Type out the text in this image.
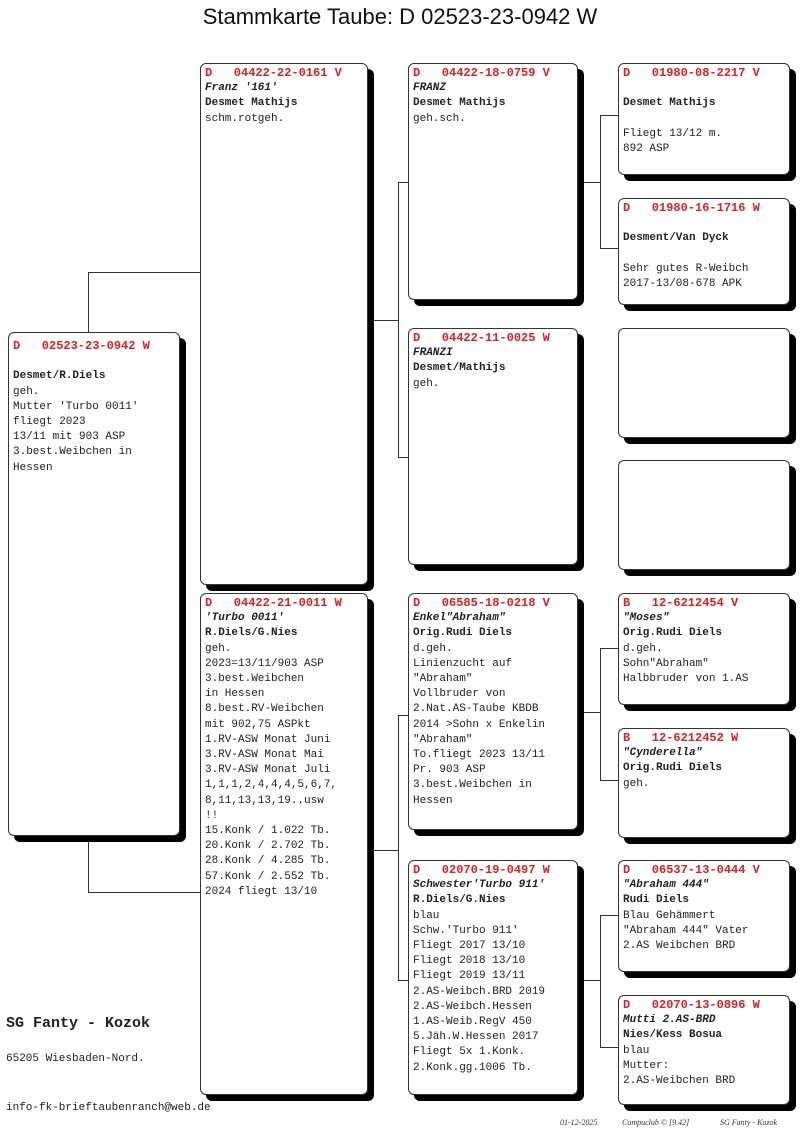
Stammkarte Taube: D 02523-23-0942 W
D   02523-23-0942 W
Desmet/R.Diels
geh.
Mutter 'Turbo 0011'
fliegt 2023
13/11 mit 903 ASP
3.best.Weibchen in
Hessen
D   04422-22-0161 V
Franz '161'
Desmet Mathijs
schm.rotgeh.
D   04422-21-0011 W
'Turbo 0011'
R.Diels/G.Nies
geh.
2023=13/11/903 ASP
3.best.Weibchen
in Hessen
8.best.RV-Weibchen
mit 902,75 ASPkt
1.RV-ASW Monat Juni
3.RV-ASW Monat Mai
3.RV-ASW Monat Juli
1,1,1,2,4,4,4,5,6,7,
8,11,13,13,19..usw
!!
15.Konk / 1.022 Tb.
20.Konk / 2.702 Tb.
28.Konk / 4.285 Tb.
57.Konk / 2.552 Tb.
2024 fliegt 13/10
D   04422-18-0759 V
FRANZ
Desmet Mathijs
geh.sch.
D   04422-11-0025 W
FRANZI
Desmet/Mathijs
geh.
D   06585-18-0218 V
Enkel"Abraham"
Orig.Rudi Diels
d.geh.
Linienzucht auf
"Abraham"
Vollbruder von
2.Nat.AS-Taube KBDB
2014 >Sohn x Enkelin
"Abraham"
To.fliegt 2023 13/11
Pr. 903 ASP
3.best.Weibchen in
Hessen
D   02070-19-0497 W
Schwester'Turbo 911'
R.Diels/G.Nies
blau
Schw.'Turbo 911'
Fliegt 2017 13/10
Fliegt 2018 13/10
Fliegt 2019 13/11
2.AS-Weibch.BRD 2019
2.AS-Weibch.Hessen
1.AS-Weib.RegV 450
5.Jäh.W.Hessen 2017
Fliegt 5x 1.Konk.
2.Konk.gg.1006 Tb.
D   01980-08-2217 V
Desmet Mathijs
Fliegt 13/12 m.
892 ASP
D   01980-16-1716 W
Desment/Van Dyck
Sehr gutes R-Weibch
2017-13/08-678 APK
B   12-6212454 V
"Moses"
Orig.Rudi Diels
d.geh.
Sohn"Abraham"
Halbbruder von 1.AS
B   12-6212452 W
"Cynderella"
Orig.Rudi Diels
geh.
D   06537-13-0444 V
"Abraham 444"
Rudi Diels
Blau Gehämmert
"Abraham 444" Vater
2.AS Weibchen BRD
D   02070-13-0896 W
Mutti 2.AS-BRD
Nies/Kess Bosua
blau
Mutter:
2.AS-Weibchen BRD
SG Fanty - Kozok
65205 Wiesbaden-Nord.
info-fk-brieftaubenranch@web.de
01-12-2025	Compuclub © [9.42]	SG Fanty - Kozok
